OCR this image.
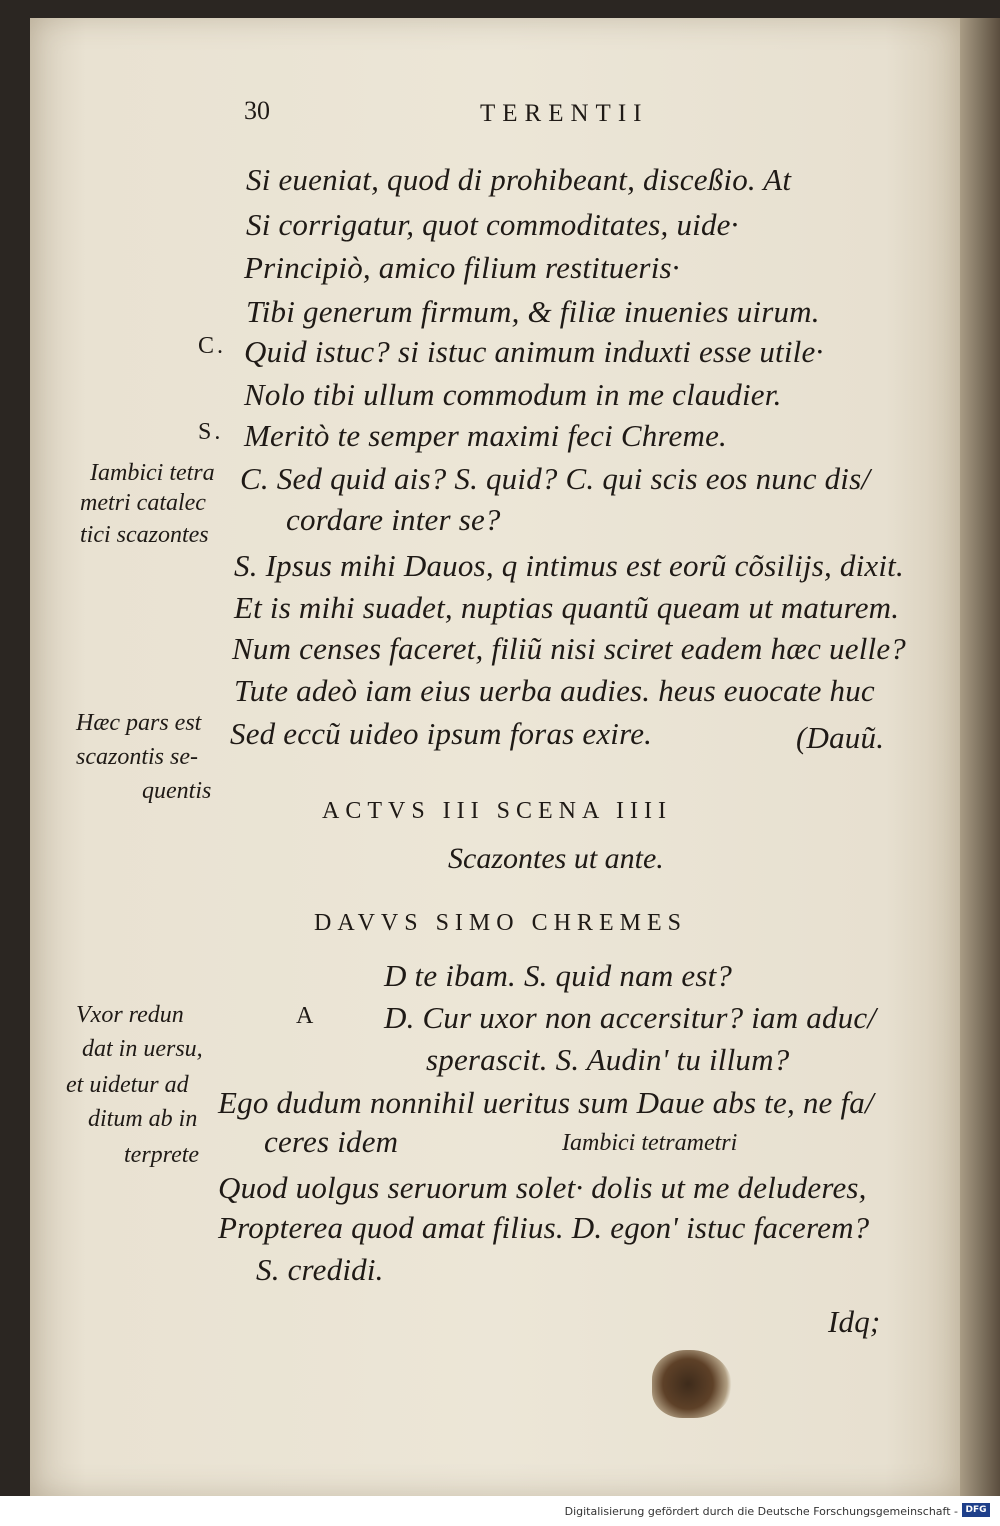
30	TERENTII
Si eueniat, quod di prohibeant, disceßio. At
Si corrigatur, quot commoditates, uide·
Principiò, amico filium restitueris·
Tibi generum firmum, & filiæ inuenies uirum.
C. Quid istuc? si istuc animum induxti esse utile·
Nolo tibi ullum commodum in me claudier.
S. Meritò te semper maximi feci Chreme.
C. Sed quid ais? S. quid? C. qui scis eos nunc dis/
cordare inter se?
S. Ipsus mihi Dauos, q intimus est eorũ cõsilijs, dixit.
Et is mihi suadet, nuptias quantũ queam ut maturem.
Num censes faceret, filiũ nisi sciret eadem hæc uelle?
Tute adeò iam eius uerba audies. heus euocate huc
Sed eccũ uideo ipsum foras exire.	(Dauũ.
ACTVS III SCENA IIII
Scazontes ut ante.
DAVVS SIMO CHREMES
D te ibam. S. quid nam est?
A D. Cur uxor non accersitur? iam aduc/
sperascit. S. Audin' tu illum?
Ego dudum nonnihil ueritus sum Daue abs te, ne fa/
ceres idem	Iambici tetrametri
Quod uolgus seruorum solet· dolis ut me deluderes,
Propterea quod amat filius. D. egon' istuc facerem?
S. credidi.
Idq;
Iambici tetra
metri catalec
tici scazontes
Hæc pars est
scazontis se-
quentis
Vxor redun
dat in uersu,
et uidetur ad
ditum ab in
terprete
Digitalisierung gefördert durch die Deutsche Forschungsgemeinschaft - DFG
